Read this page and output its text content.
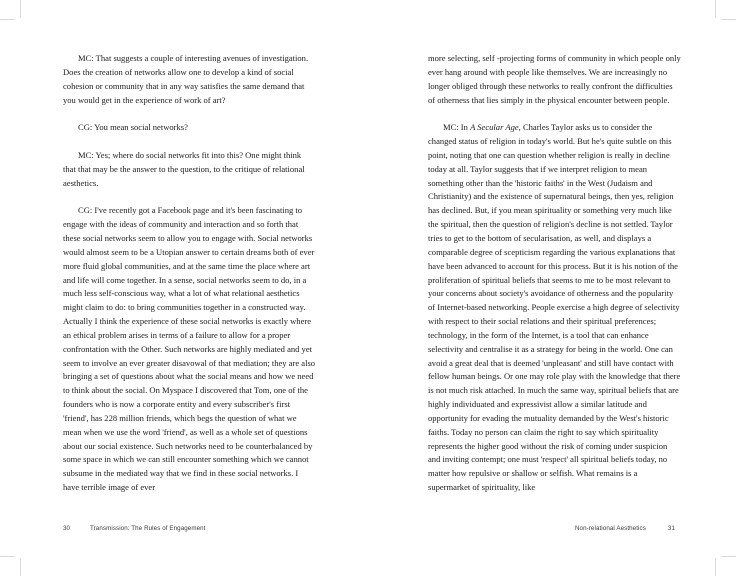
MC: That suggests a couple of interesting avenues of investigation. Does the creation of networks allow one to develop a kind of social cohesion or community that in any way satisfies the same demand that you would get in the experience of work of art?

CG: You mean social networks?

MC: Yes; where do social networks fit into this? One might think that that may be the answer to the question, to the critique of relational aesthetics.

CG: I've recently got a Facebook page and it's been fascinating to engage with the ideas of community and interaction and so forth that these social networks seem to allow you to engage with. Social networks would almost seem to be a Utopian answer to certain dreams both of ever more fluid global communities, and at the same time the place where art and life will come together. In a sense, social networks seem to do, in a much less self-conscious way, what a lot of what relational aesthetics might claim to do: to bring communities together in a constructed way. Actually I think the experience of these social networks is exactly where an ethical problem arises in terms of a failure to allow for a proper confrontation with the Other. Such networks are highly mediated and yet seem to involve an ever greater disavowal of that mediation; they are also bringing a set of questions about what the social means and how we need to think about the social. On Myspace I discovered that Tom, one of the founders who is now a corporate entity and every subscriber's first 'friend', has 228 million friends, which begs the question of what we mean when we use the word 'friend', as well as a whole set of questions about our social existence. Such networks need to be counterbalanced by some space in which we can still encounter something which we cannot subsume in the mediated way that we find in these social networks. I have terrible image of ever

30	Transmission: The Rules of Engagement

more selecting, self -projecting forms of community in which people only ever hang around with people like themselves. We are increasingly no longer obliged through these networks to really confront the difficulties of otherness that lies simply in the physical encounter between people.

MC: In A Secular Age, Charles Taylor asks us to consider the changed status of religion in today's world. But he's quite subtle on this point, noting that one can question whether religion is really in decline today at all. Taylor suggests that if we interpret religion to mean something other than the 'historic faiths' in the West (Judaism and Christianity) and the existence of supernatural beings, then yes, religion has declined. But, if you mean spirituality or something very much like the spiritual, then the question of religion's decline is not settled. Taylor tries to get to the bottom of secularisation, as well, and displays a comparable degree of scepticism regarding the various explanations that have been advanced to account for this process. But it is his notion of the proliferation of spiritual beliefs that seems to me to be most relevant to your concerns about society's avoidance of otherness and the popularity of Internet-based networking. People exercise a high degree of selectivity with respect to their social relations and their spiritual preferences; technology, in the form of the Internet, is a tool that can enhance selectivity and centralise it as a strategy for being in the world. One can avoid a great deal that is deemed 'unpleasant' and still have contact with fellow human beings. Or one may role play with the knowledge that there is not much risk attached. In much the same way, spiritual beliefs that are highly individuated and expressivist allow a similar latitude and opportunity for evading the mutuality demanded by the West's historic faiths. Today no person can claim the right to say which spirituality represents the higher good without the risk of coming under suspicion and inviting contempt; one must 'respect' all spiritual beliefs today, no matter how repulsive or shallow or selfish. What remains is a supermarket of spirituality, like

Non-relational Aesthetics	31
